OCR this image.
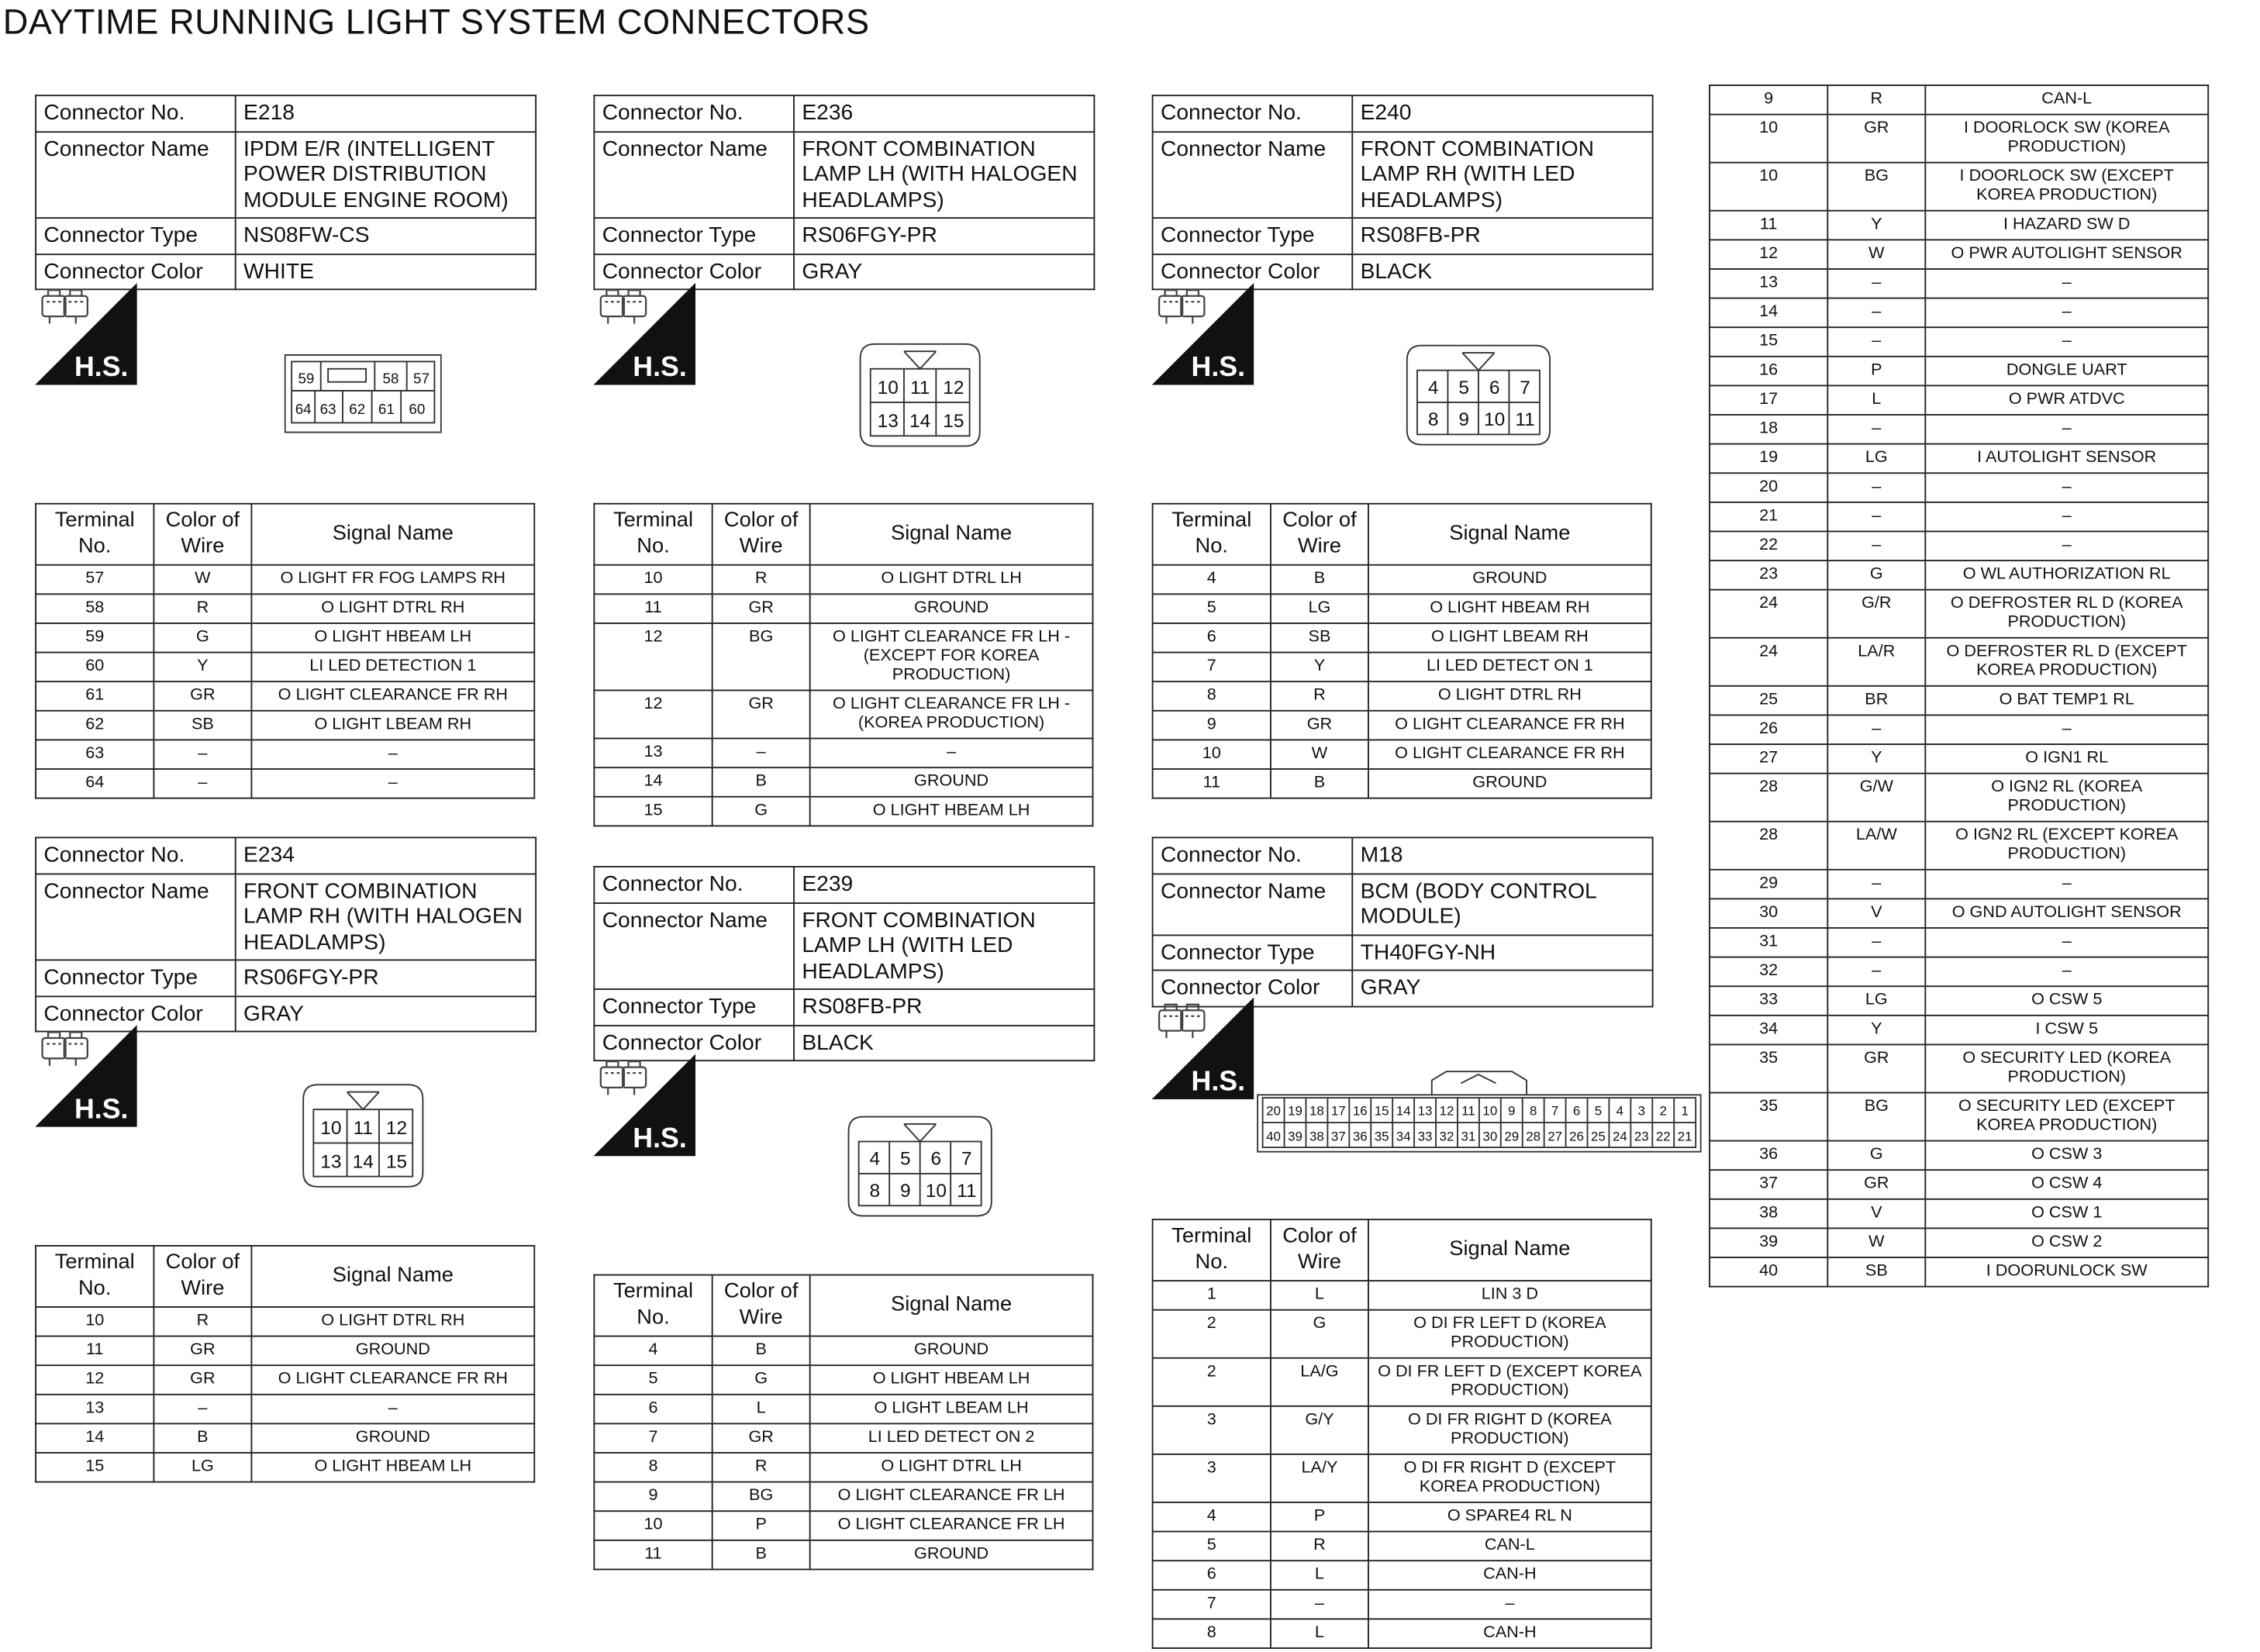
DAYTIME RUNNING LIGHT SYSTEM CONNECTORS
Connector No.	E218
Connector Name	IPDM E/R (INTELLIGENT POWER DISTRIBUTION MODULE ENGINE ROOM)
Connector Type	NS08FW-CS
Connector Color	WHITE
H.S.	59	58 57
64 63 62 61 60
Terminal No.	Color of Wire	Signal Name
57	W	O LIGHT FR FOG LAMPS RH
58	R	O LIGHT DTRL RH
59	G	O LIGHT HBEAM LH
60	Y	LI LED DETECTION 1
61	GR	O LIGHT CLEARANCE FR RH
62	SB	O LIGHT LBEAM RH
63	–	–
64	–	–
Connector No.	E236
Connector Name	FRONT COMBINATION LAMP LH (WITH HALOGEN HEADLAMPS)
Connector Type	RS06FGY-PR
Connector Color	GRAY
H.S.
10 11 12
13 14 15
Terminal No.	Color of Wire	Signal Name
10	R	O LIGHT DTRL LH
11	GR	GROUND
12	BG	O LIGHT CLEARANCE FR LH - (EXCEPT FOR KOREA PRODUCTION)
12	GR	O LIGHT CLEARANCE FR LH - (KOREA PRODUCTION)
13	–	–
14	B	GROUND
15	G	O LIGHT HBEAM LH
Connector No.	E240
Connector Name	FRONT COMBINATION LAMP RH (WITH LED HEADLAMPS)
Connector Type	RS08FB-PR
Connector Color	BLACK
H.S.
4 5 6 7
8 9 10 11
Terminal No.	Color of Wire	Signal Name
4	B	GROUND
5	LG	O LIGHT HBEAM RH
6	SB	O LIGHT LBEAM RH
7	Y	LI LED DETECT ON 1
8	R	O LIGHT DTRL RH
9	GR	O LIGHT CLEARANCE FR RH
10	W	O LIGHT CLEARANCE FR RH
11	B	GROUND
Connector No.	E234
Connector Name	FRONT COMBINATION LAMP RH (WITH HALOGEN HEADLAMPS)
Connector Type	RS06FGY-PR
Connector Color	GRAY
H.S.
10 11 12
13 14 15
Terminal No.	Color of Wire	Signal Name
10	R	O LIGHT DTRL RH
11	GR	GROUND
12	GR	O LIGHT CLEARANCE FR RH
13	–	–
14	B	GROUND
15	LG	O LIGHT HBEAM LH
Connector No.	E239
Connector Name	FRONT COMBINATION LAMP LH (WITH LED HEADLAMPS)
Connector Type	RS08FB-PR
Connector Color	BLACK
H.S.
4 5 6 7
8 9 10 11
Terminal No.	Color of Wire	Signal Name
4	B	GROUND
5	G	O LIGHT HBEAM LH
6	L	O LIGHT LBEAM LH
7	GR	LI LED DETECT ON 2
8	R	O LIGHT DTRL LH
9	BG	O LIGHT CLEARANCE FR LH
10	P	O LIGHT CLEARANCE FR LH
11	B	GROUND
Connector No.	M18
Connector Name	BCM (BODY CONTROL MODULE)
Connector Type	TH40FGY-NH
Connector Color	GRAY
H.S.
20 19 18 17 16 15 14 13 12 11 10 9 8 7 6 5 4 3 2 1
40 39 38 37 36 35 34 33 32 31 30 29 28 27 26 25 24 23 22 21
Terminal No.	Color of Wire	Signal Name
1	L	LIN 3 D
2	G	O DI FR LEFT D (KOREA PRODUCTION)
2	LA/G	O DI FR LEFT D (EXCEPT KOREA PRODUCTION)
3	G/Y	O DI FR RIGHT D (KOREA PRODUCTION)
3	LA/Y	O DI FR RIGHT D (EXCEPT KOREA PRODUCTION)
4	P	O SPARE4 RL N
5	R	CAN-L
6	L	CAN-H
7	–	–
8	L	CAN-H
9	R	CAN-L
10	GR	I DOORLOCK SW (KOREA PRODUCTION)
10	BG	I DOORLOCK SW (EXCEPT KOREA PRODUCTION)
11	Y	I HAZARD SW D
12	W	O PWR AUTOLIGHT SENSOR
13	–	–
14	–	–
15	–	–
16	P	DONGLE UART
17	L	O PWR ATDVC
18	–	–
19	LG	I AUTOLIGHT SENSOR
20	–	–
21	–	–
22	–	–
23	G	O WL AUTHORIZATION RL
24	G/R	O DEFROSTER RL D (KOREA PRODUCTION)
24	LA/R	O DEFROSTER RL D (EXCEPT KOREA PRODUCTION)
25	BR	O BAT TEMP1 RL
26	–	–
27	Y	O IGN1 RL
28	G/W	O IGN2 RL (KOREA PRODUCTION)
28	LA/W	O IGN2 RL (EXCEPT KOREA PRODUCTION)
29	–	–
30	V	O GND AUTOLIGHT SENSOR
31	–	–
32	–	–
33	LG	O CSW 5
34	Y	I CSW 5
35	GR	O SECURITY LED (KOREA PRODUCTION)
35	BG	O SECURITY LED (EXCEPT KOREA PRODUCTION)
36	G	O CSW 3
37	GR	O CSW 4
38	V	O CSW 1
39	W	O CSW 2
40	SB	I DOORUNLOCK SW
